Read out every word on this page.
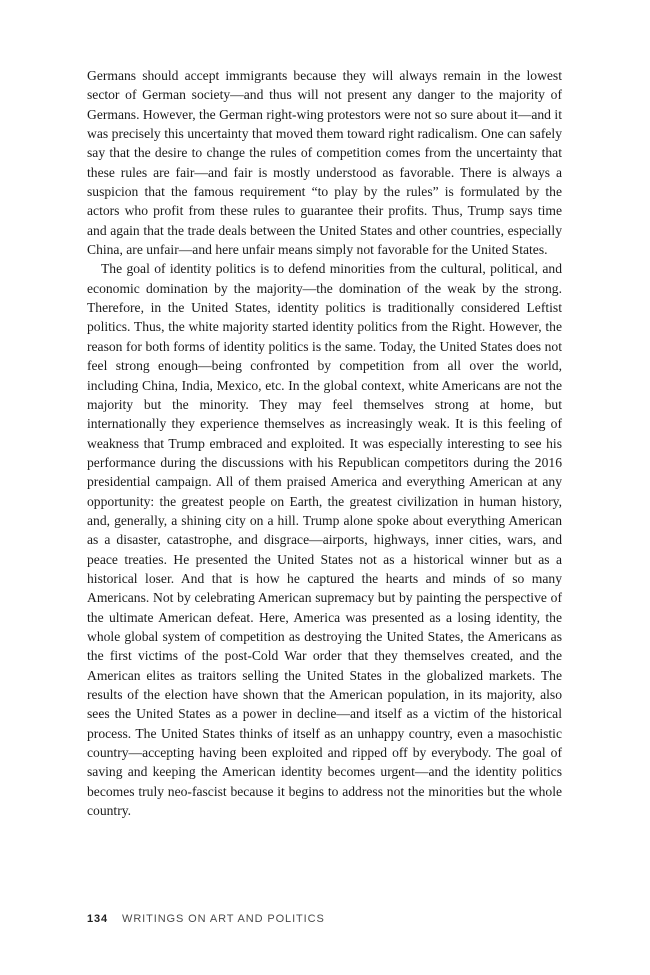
Germans should accept immigrants because they will always remain in the lowest sector of German society—and thus will not present any danger to the majority of Germans. However, the German right-wing protestors were not so sure about it—and it was precisely this uncertainty that moved them toward right radicalism. One can safely say that the desire to change the rules of competition comes from the uncertainty that these rules are fair—and fair is mostly understood as favorable. There is always a suspicion that the famous requirement “to play by the rules” is formulated by the actors who profit from these rules to guarantee their profits. Thus, Trump says time and again that the trade deals between the United States and other countries, especially China, are unfair—and here unfair means simply not favorable for the United States.

The goal of identity politics is to defend minorities from the cultural, political, and economic domination by the majority—the domination of the weak by the strong. Therefore, in the United States, identity politics is traditionally considered Leftist politics. Thus, the white majority started identity politics from the Right. However, the reason for both forms of identity politics is the same. Today, the United States does not feel strong enough—being confronted by competition from all over the world, including China, India, Mexico, etc. In the global context, white Americans are not the majority but the minority. They may feel themselves strong at home, but internationally they experience themselves as increasingly weak. It is this feeling of weakness that Trump embraced and exploited. It was especially interesting to see his performance during the discussions with his Republican competitors during the 2016 presidential campaign. All of them praised America and everything American at any opportunity: the greatest people on Earth, the greatest civilization in human history, and, generally, a shining city on a hill. Trump alone spoke about everything American as a disaster, catastrophe, and disgrace—airports, highways, inner cities, wars, and peace treaties. He presented the United States not as a historical winner but as a historical loser. And that is how he captured the hearts and minds of so many Americans. Not by celebrating American supremacy but by painting the perspective of the ultimate American defeat. Here, America was presented as a losing identity, the whole global system of competition as destroying the United States, the Americans as the first victims of the post-Cold War order that they themselves created, and the American elites as traitors selling the United States in the globalized markets. The results of the election have shown that the American population, in its majority, also sees the United States as a power in decline—and itself as a victim of the historical process. The United States thinks of itself as an unhappy country, even a masochistic country—accepting having been exploited and ripped off by everybody. The goal of saving and keeping the American identity becomes urgent—and the identity politics becomes truly neo-fascist because it begins to address not the minorities but the whole country.

134 WRITINGS ON ART AND POLITICS
